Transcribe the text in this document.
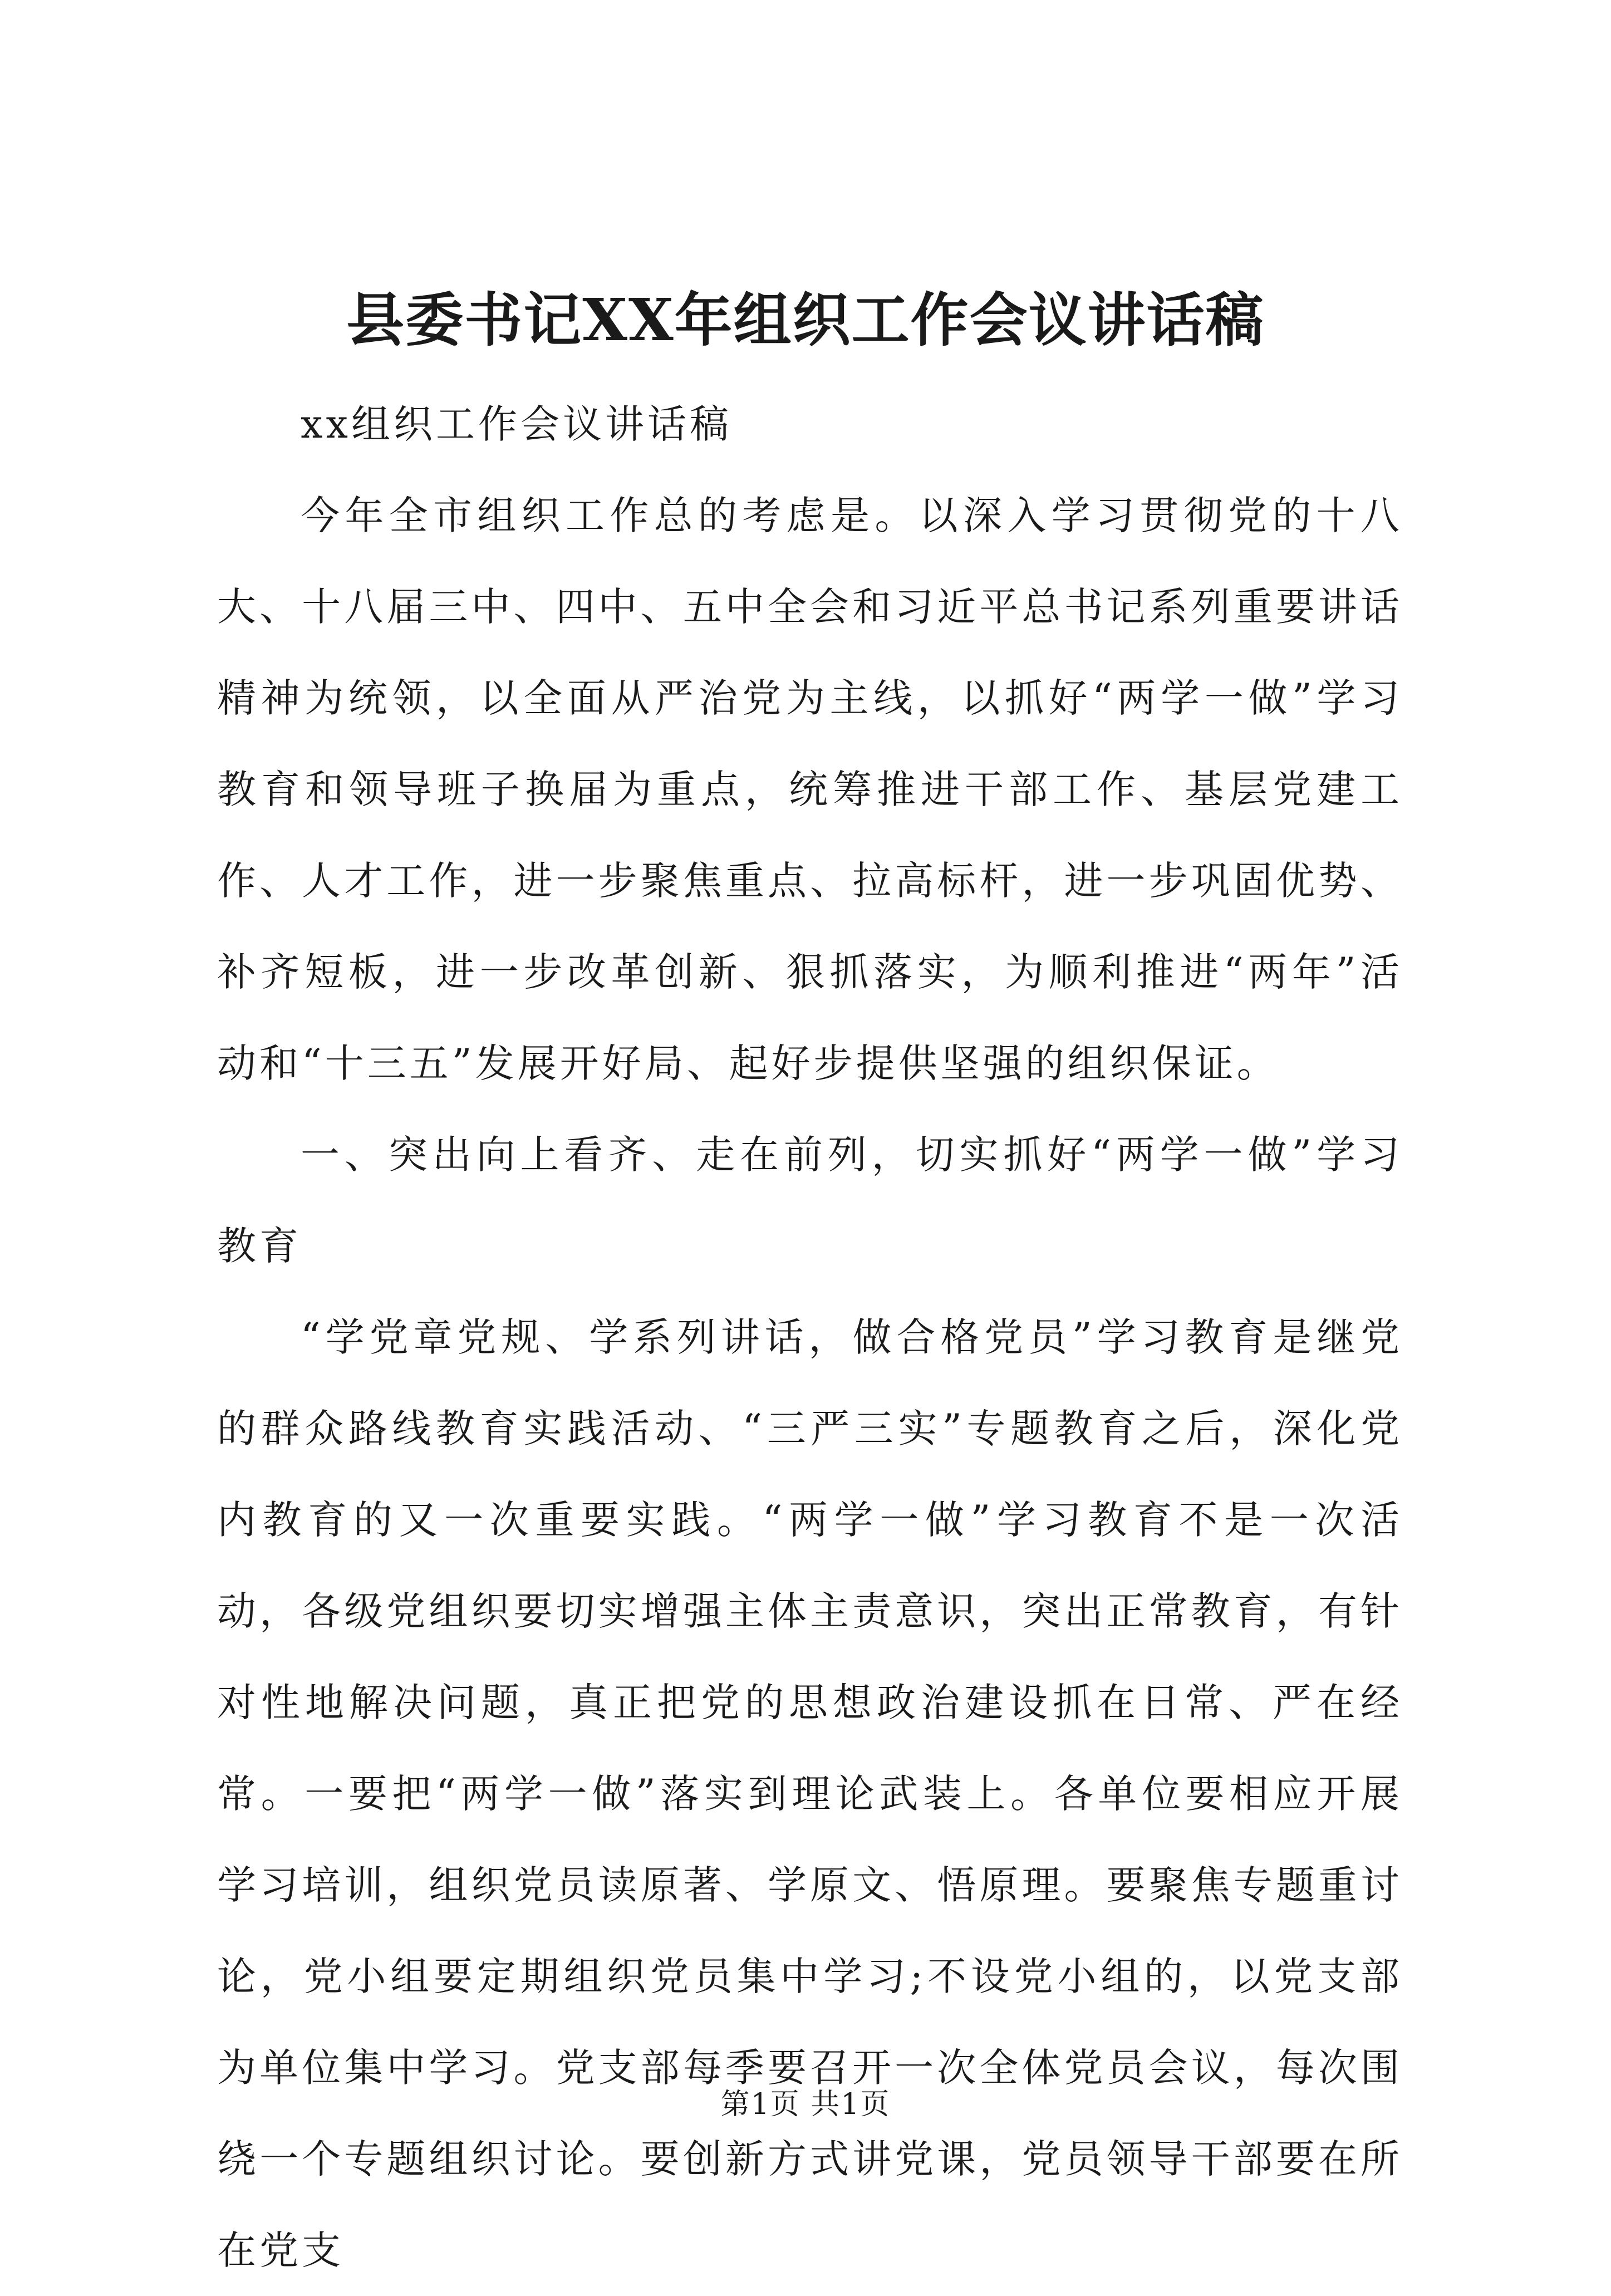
县委书记XX年组织工作会议讲话稿

xx组织工作会议讲话稿

今年全市组织工作总的考虑是。以深入学习贯彻党的十八大、十八届三中、四中、五中全会和习近平总书记系列重要讲话精神为统领，以全面从严治党为主线，以抓好“两学一做”学习教育和领导班子换届为重点，统筹推进干部工作、基层党建工作、人才工作，进一步聚焦重点、拉高标杆，进一步巩固优势、补齐短板，进一步改革创新、狠抓落实，为顺利推进“两年”活动和“十三五”发展开好局、起好步提供坚强的组织保证。

一、突出向上看齐、走在前列，切实抓好“两学一做”学习教育

“学党章党规、学系列讲话，做合格党员”学习教育是继党的群众路线教育实践活动、“三严三实”专题教育之后，深化党内教育的又一次重要实践。“两学一做”学习教育不是一次活动，各级党组织要切实增强主体主责意识，突出正常教育，有针对性地解决问题，真正把党的思想政治建设抓在日常、严在经常。一要把“两学一做”落实到理论武装上。各单位要相应开展学习培训，组织党员读原著、学原文、悟原理。要聚焦专题重讨论，党小组要定期组织党员集中学习;不设党小组的，以党支部为单位集中学习。党支部每季要召开一次全体党员会议，每次围绕一个专题组织讨论。要创新方式讲党课，党员领导干部要在所在党支

第1页 共1页
